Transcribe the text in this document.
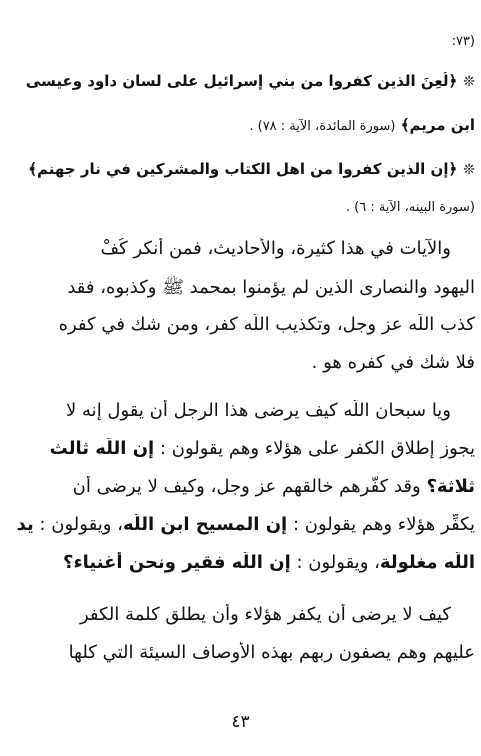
(٧٣:
❊﴿لُعِنَ الذين كفروا من بني إسرائيل على لسان داود وعيسى
ابن مريم﴾ (سورة المائدة، الآية : ٧٨) .
❊﴿إن الذين كفروا من اهل الكتاب والمشركين في نار جهنم﴾
(سورة البينه، الآية : ٦) .
والآيات في هذا كثيرة، والأحاديث، فمن أنكر كُفْ
اليهود والنصارى الذين لم يؤمنوا بمحمد ﷺ وكذبوه، فقد
كذب اللّه عز وجل، وتكذيب اللّه كفر، ومن شك في كفره
فلا شك في كفره هو .
ويا سبحان اللّه كيف يرضى هذا الرجل أن يقول إنه لا
يجوز إطلاق الكفر على هؤلاء وهم يقولون : إن اللّه ثالث
ثلاثة؟ وقد كفَّرهم خالقهم عز وجل، وكيف لا يرضى أن
يكفِّر هؤلاء وهم يقولون : إن المسيح ابن اللّه، ويقولون : يد
اللّه مغلولة، ويقولون : إن اللّه فقير ونحن أغنياء؟
كيف لا يرضى أن يكفر هؤلاء وأن يطلق كلمة الكفر
عليهم وهم يصفون ربهم بهذه الأوصاف السيئة التي كلها
٤٣
